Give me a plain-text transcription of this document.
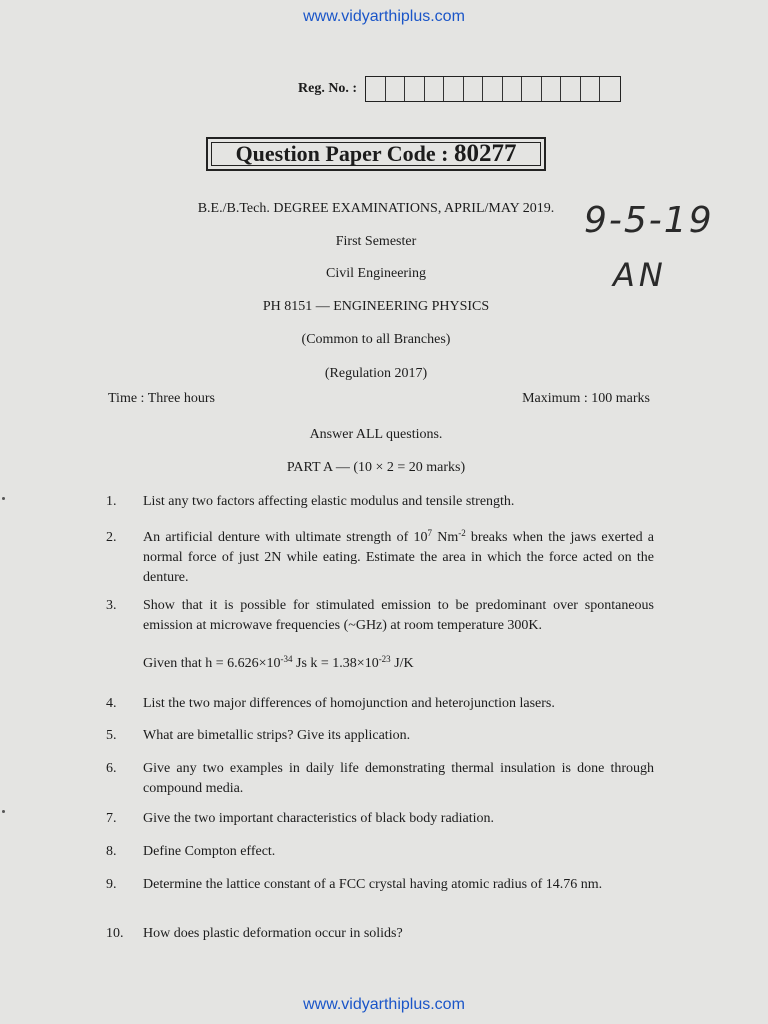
www.vidyarthiplus.com
Reg. No. :
Question Paper Code : 80277
B.E./B.Tech. DEGREE EXAMINATIONS, APRIL/MAY 2019.
First Semester
Civil Engineering
PH 8151 — ENGINEERING PHYSICS
(Common to all Branches)
(Regulation 2017)
9-5-19
AN
Time : Three hours	Maximum : 100 marks
Answer ALL questions.
PART A — (10 × 2 = 20 marks)
1.	List any two factors affecting elastic modulus and tensile strength.
2.	An artificial denture with ultimate strength of $10^7$ $Nm^{-2}$ breaks when the jaws exerted a normal force of just 2N while eating. Estimate the area in which the force acted on the denture.
3.	Show that it is possible for stimulated emission to be predominant over spontaneous emission at microwave frequencies (~GHz) at room temperature 300K.
Given that $h = 6.626\times 10^{-34}$ Js $k = 1.38\times 10^{-23}$ J/K
4.	List the two major differences of homojunction and heterojunction lasers.
5.	What are bimetallic strips? Give its application.
6.	Give any two examples in daily life demonstrating thermal insulation is done through compound media.
7.	Give the two important characteristics of black body radiation.
8.	Define Compton effect.
9.	Determine the lattice constant of a FCC crystal having atomic radius of 14.76 nm.
10.	How does plastic deformation occur in solids?
www.vidyarthiplus.com
